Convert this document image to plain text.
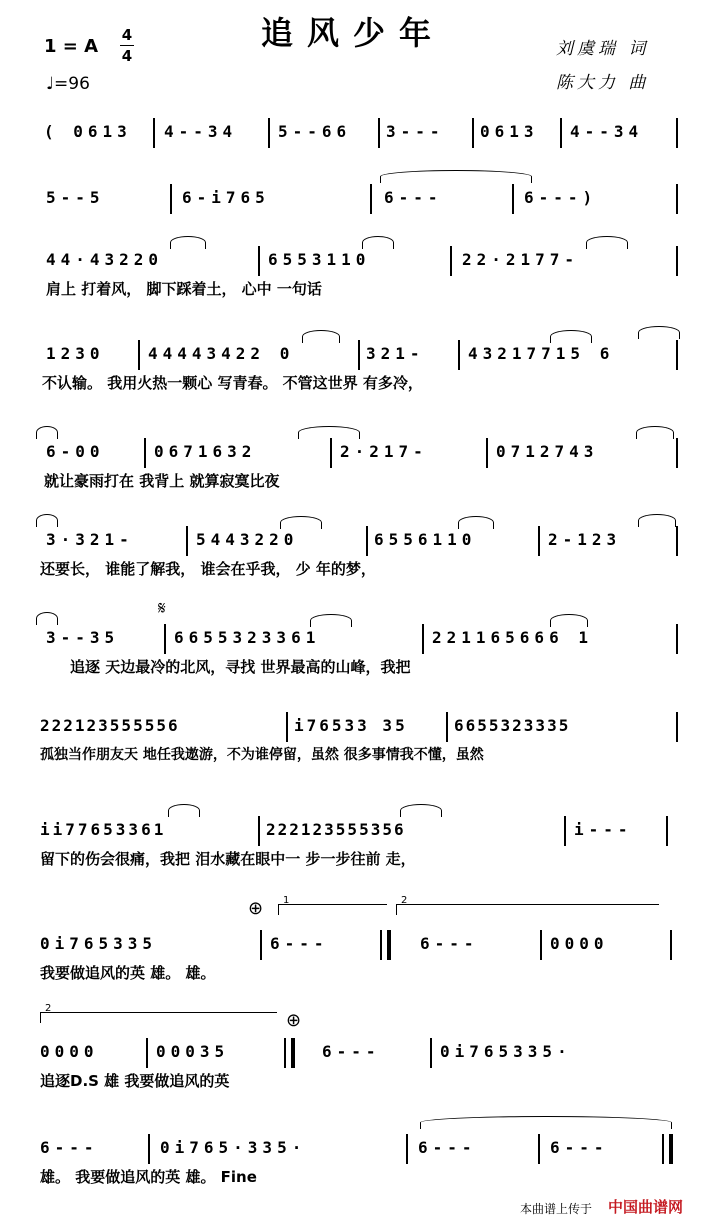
追风少年
1 = A
4
4
♩=96
刘虞瑞 词
陈大力 曲
( 0613 4--34	5--66 3--- 0613 4--34
5--5	6-i765	6---	6---)
44·43220	6553110	22·2177-
肩上 打着风， 脚下踩着土， 心中 一句话
1230	44443422 0	321-	43217715 6
不认输。 我用火热一颗心 写青春。 不管这世界 有多冷，
6-00	0671632	2·217-	0712743
就让豪雨打在 我背上 就算寂寞比夜
3·321-	5443220	6556110	2-123
还要长， 谁能了解我， 谁会在乎我， 少 年的梦，
𝄋
3--35	6655323361	221165666 1
追逐 天边最冷的北风，寻找 世界最高的山峰，我把
222123555556	i76533 35	6655323335
孤独当作朋友天 地任我遨游，不为谁停留，虽然 很多事情我不懂，虽然
ii77653361	222123555356	i---
留下的伤会很痛，我把 泪水藏在眼中一 步一步往前 走，
⊕ 1	2
0i765335	6---	6---	0000
我要做追风的英 雄。 雄。
2
⊕
0000	00035	6---	0i765335·
追逐D.S 雄 我要做追风的英
6---	0i765·335·	6---	6---
雄。 我要做追风的英 雄。 Fine
本曲谱上传于 中国曲谱网
